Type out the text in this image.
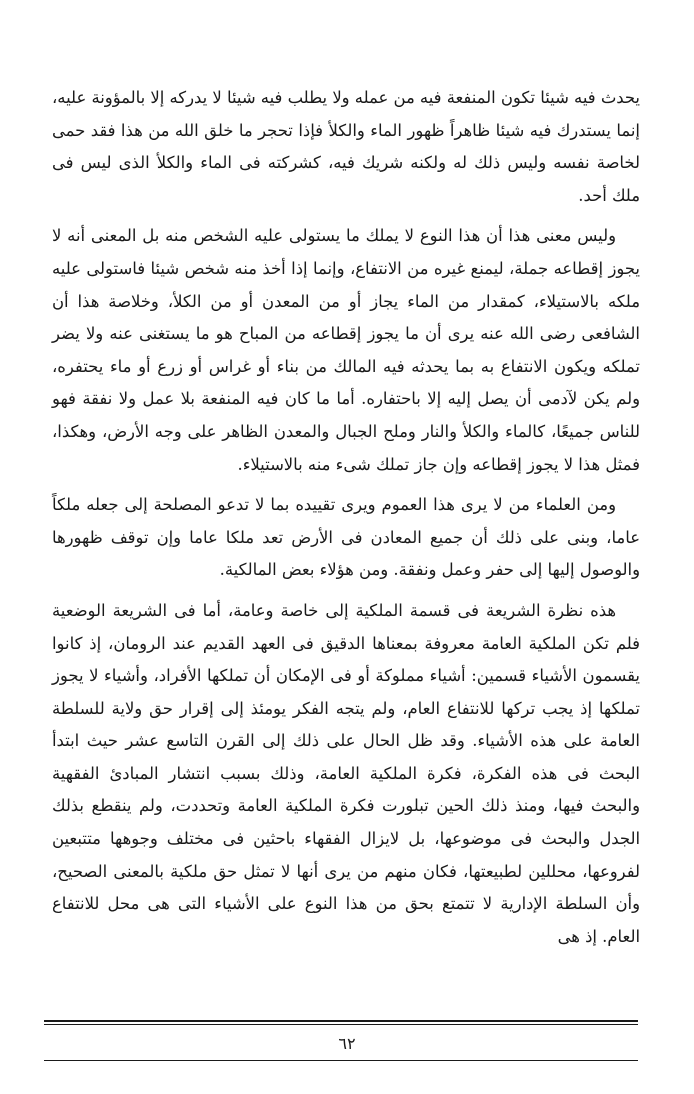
يحدث فيه شيئا تكون المنفعة فيه من عمله ولا يطلب فيه شيئا لا يدركه إلا بالمؤونة عليه، إنما يستدرك فيه شيئا ظاهراً ظهور الماء والكلأ فإذا تحجر ما خلق الله من هذا فقد حمى لخاصة نفسه وليس ذلك له ولكنه شريك فيه، كشركته فى الماء والكلأ الذى ليس فى ملك أحد.

وليس معنى هذا أن هذا النوع لا يملك ما يستولى عليه الشخص منه بل المعنى أنه لا يجوز إقطاعه جملة، ليمنع غيره من الانتفاع، وإنما إذا أخذ منه شخص شيئا فاستولى عليه ملكه بالاستيلاء، كمقدار من الماء يجاز أو من المعدن أو من الكلأ، وخلاصة هذا أن الشافعى رضى الله عنه يرى أن ما يجوز إقطاعه من المباح هو ما يستغنى عنه ولا يضر تملكه ويكون الانتفاع به بما يحدثه فيه المالك من بناء أو غراس أو زرع أو ماء يحتفره، ولم يكن لآدمى أن يصل إليه إلا باحتفاره. أما ما كان فيه المنفعة بلا عمل ولا نفقة فهو للناس جميعًا، كالماء والكلأ والنار وملح الجبال والمعدن الظاهر على وجه الأرض، وهكذا، فمثل هذا لا يجوز إقطاعه وإن جاز تملك شىء منه بالاستيلاء.

ومن العلماء من لا يرى هذا العموم ويرى تقييده بما لا تدعو المصلحة إلى جعله ملكاً عاما، وبنى على ذلك أن جميع المعادن فى الأرض تعد ملكا عاما وإن توقف ظهورها والوصول إليها إلى حفر وعمل ونفقة. ومن هؤلاء بعض المالكية.

هذه نظرة الشريعة فى قسمة الملكية إلى خاصة وعامة، أما فى الشريعة الوضعية فلم تكن الملكية العامة معروفة بمعناها الدقيق فى العهد القديم عند الرومان، إذ كانوا يقسمون الأشياء قسمين: أشياء مملوكة أو فى الإمكان أن تملكها الأفراد، وأشياء لا يجوز تملكها إذ يجب تركها للانتفاع العام، ولم يتجه الفكر يومئذ إلى إقرار حق ولاية للسلطة العامة على هذه الأشياء. وقد ظل الحال على ذلك إلى القرن التاسع عشر حيث ابتدأ البحث فى هذه الفكرة، فكرة الملكية العامة، وذلك بسبب انتشار المبادئ الفقهية والبحث فيها، ومنذ ذلك الحين تبلورت فكرة الملكية العامة وتحددت، ولم ينقطع بذلك الجدل والبحث فى موضوعها، بل لايزال الفقهاء باحثين فى مختلف وجوهها متتبعين لفروعها، محللين لطبيعتها، فكان منهم من يرى أنها لا تمثل حق ملكية بالمعنى الصحيح، وأن السلطة الإدارية لا تتمتع بحق من هذا النوع على الأشياء التى هى محل للانتفاع العام. إذ هى

٦٢
